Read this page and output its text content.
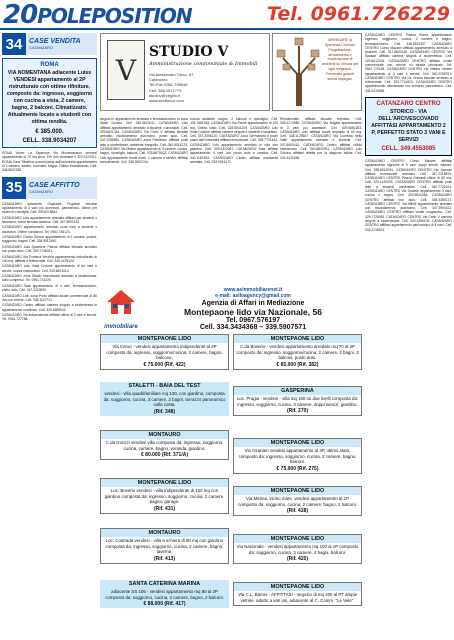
20POLEPOSITION	Tel. 0961.726229
34 CASE VENDITA
CATANZARO
ROMA
VIA NOMENTANA adiacente Luiss VENDESI appartamento al 2P ristrutturato con ottime rifiniture, composto da: ingresso, soggiorno con cucina a vista, 2 camere, bagno, 2 balconi. Climatizzato. Attualmente locato a studenti con ottima rendita.
€ 385.000.
CELL. 338.9034207
ROMA Vicino La Sapienza Via Montecassino vendesi appartamento di 75 mq circa. Per info chiamare il 320.1223311. ROMA Zona Tiburtina a pochi passi dall'Università appartamento di 2 camere, salotto, cucinotto, bagno. Ottimo investimento. Cell. 348.5637282.
35 CASE AFFITTO
CATANZARO

CATANZARO adiacente Ospedale Pugliese vendesi appartamento di 3 vani più accessori, panoramico, ottimo per studenti o famiglia. Cell. 339.6218842.

CATANZARO Lido appartamento arredato affittasi per studenti o lavoratori, vicino fermata autobus. Cell. 347.8892133.

CATANZARO appartamento arredato zona nord a studenti o lavoratori. Ottime condizioni. Tel. 0961.745123.

CATANZARO Centro Storico appartamento di 2 camere, cucina, soggiorno, bagno. Cell. 338.5512490.

CATANZARO Lido Quartiere Pistoia affittasi bilocale arredato con posto auto. Cell. 329.7745021.

CATANZARO Via Fontana Vecchia appartamento ristrutturato di 100 mq, affittasi a referenziati. Cell. 340.4478120.

CATANZARO Lido Viale Crotone appartamento di tre vani e servizi, nuova costruzione. Cell. 333.6623014.

CATANZARO zona Stadio monolocale arredato a studentessa, tutto compreso. Tel. 0961.741220.

CATANZARO Sala appartamento di 4 vani, termoautonomo, posto auto. Cell. 347.2219830.

CATANZARO Lido zona Porto affittasi locale commerciale di 80 mq con vetrine. Cell. 338.1147721.

CATANZARO Centro affittasi camera singola a studentessa in appartamento condiviso. Cell. 320.6659042.

CATANZARO Via Indipendenza affittasi ufficio di 3 vani e servizi. Tel. 0961.727788.

V
STUDIO V
Amministrazione condominiale & Immobili
Via Alessandro Turco, 67
Catanzaro
Tel./Fax 0961 795548
Cell. 388 1871779
studiov@virgilio.it
www.studiovcz.com
ARREDARE la Speranza Comune Progettazione, arredamento e realizzazione di ambienti su misura per ogni esigenza. Preventivi gratuiti senza impegno.
singolo in appartamento arredato e termoautonomo in zona Mater Domini. Cell. 338.5623041. CATANZARO Lido affittasi appartamento arredato a studenti o lavoratori. Cell. 329.6621044. CATANZARO Via Carlo V affittasi bilocale arredato, riscaldamento autonomo, posto auto. Cell. 347.2256981. CATANZARO zona Policlinico affittasi posti letto a studentesse, ambiente tranquillo. Cell. 340.5516723. CATANZARO Via Milano appartamento di 3 camere, cucina, bagno, ripostiglio, balconi. Cell. 333.8879102. CATANZARO Lido appartamento fronte mare, 2 camere e servizi, affittasi annualmente. Cell. 338.9902134.
cucina abitabile, bagno, 2 balconi e ripostiglio. Cell. 339.7881563. CATANZARO Via Fiume appartamento di 100 mq. Ottimo stato. Cell. 328.5541209. CATANZARO Lido Viale Crotone affittasi camere singole a studenti e lavoratori. Cell. 347.3356120. CATANZARO Zona Germaneto a pochi passi dall'Università affittasi monolocale. Cell. 338.7701442. CATANZARO Lido appartamento arredato in villa con giardino. Cell. 329.4412087. CATANZARO Sala affittasi appartamento 4 vani con posto auto e cantina. Cell. 340.1187453. CATANZARO Centro affittasi mansarda arredata. Cell. 333.9914472.
Residenziale, affittasi bilocale arredato. Cell. 349.2213980. CATANZARO Via Brigata appartamento di 3 vani più accessori. Cell. 329.5661203. CATANZARO Lido affittasi locale deposito di 60 mq. Cell. 338.1125587. CATANZARO Via Lucrezia della Valle appartamento arredato a studenti. Cell. 347.6653410. CATANZARO Centro affittasi ufficio ristrutturato. Cell. 340.8834761. CATANZARO Lido Giovino affittasi villetta per la stagione estiva. Cell. 333.4410295.
CATANZARO CENTRO Piazza Roma appartamento ingresso, soggiorno, cucina, 2 camere e bagno, termoautonomo. Cell. 338.5521307. CATANZARO CENTRO Corso Mazzini affittasi appartamento arredato a studenti. Cell. 347.8820145. CATANZARO CENTRO Via Spasari affittasi camera singola a studentessa. Cell. 329.6612034. CATANZARO CENTRO affittasi locale commerciale con vetrine su strada principale. Tel. 0961.770155. CATANZARO CENTRO Via Vittorio Veneto appartamento di 4 vani e servizi. Cell. 340.2298761. CATANZARO CENTRO Via De Grazia bilocale arredato a referenziati. Cell. 333.7714520. CATANZARO CENTRO appartamento ristrutturato con terrazzo panoramico. Cell. 338.4419083.
CATANZARO CENTRO
STORICO - VIA DELL'ARCIVESCOVADO AFFITTASI APPARTAMENTO 2 P, PERFETTO STATO 3 VANI E SERVIZI
CELL. 349.4553085
CATANZARO CENTRO Corso Mazzini affittasi appartamento signorile di 5 vani, doppi servizi, balconi. Cell. 338.6612094. CATANZARO CENTRO Via Jannoni affittasi monolocale arredato. Cell. 347.2215870. CATANZARO CENTRO Piazza Grimaldi ufficio di 80 mq. Cell. 329.1145203. CATANZARO CENTRO affittasi posti letto a studenti universitari. Cell. 340.7732104. CATANZARO CENTRO Via Daniele appartamento 3 vani, cucina e bagno. Cell. 333.5510486. CATANZARO CENTRO affittasi box auto. Cell. 338.3390172. CATANZARO CENTRO Via Milelli appartamento arredato con riscaldamento autonomo. Cell. 347.9904411. CATANZARO CENTRO affittasi locale magazzino. Cell. 329.7725063. CATANZARO CENTRO Via Carlo V camera singola a studentessa. Cell. 340.3356109. CATANZARO CENTRO affittasi appartamento panoramico di 4 vani. Cell. 333.2215874.
immobiliare
www.asimmobiliarenet.it
e-mail: asiloagency@gmail.com
Agenzia di Affari in Mediazione
Montepaone lido via Nazionale, 56
Tel. 0967.576197
Cell. 334.3434368 – 339.5907571
MONTEPAONE LIDO
Via Cervo - vendesi appartamento indipendente al 2P composto da: ingresso, soggiorno/cucina, 2 camere, bagno, balcone.
€ 75.000 (Rif. 422)
STALETTI - BAIA DEL TEST
vendesi - villa quadrifamiliare mq 130, con giardino, composta da: soggiorno, cucina, 3 camere, 2 bagni, terrazzo panoramico sulla costa.
(Rif. 348)
MONTAURO
C.da Gorizzi vendesi villa composta da: ingresso, soggiorno, cucina, camere, bagno, veranda, giardino.
€ 80.000 (Rif. 371/A)
MONTEPAONE LIDO
Loc. Boverio vendesi - villa indipendente di 120 mq con giardino composta da: ingresso, soggiorno, cucina, 2 camere, bagno, garage.
(Rif. 431)
MONTAURO
Loc. Contrada vendesi - villa a schiera di 90 mq con giardino composta da: ingresso, soggiorno, cucina, 2 camere, bagno, taverna.
(Rif. 413)
SANTA CATERINA MARINA
adiacente SS 106 - vendesi appartamento mq 80 al 2P composto da: soggiorno, cucina, 2 camere, bagno, 2 balconi.
€ 88.000 (Rif. 417)
MONTEPAONE LIDO
C.da Boverio - vendesi appartamento arredato mq 70 al 2P composto da: ingresso, soggiorno/cucina, 2 camere, 2 bagni, 2 balconi, posto auto.
€ 85.000 (Rif. 382)
GASPERINA
Loc. Pragia - vendesi - villa mq 160 su due livelli composta da: ingresso, soggiorno, cucina, 3 camere, doppi servizi, giardino.
(Rif. 270)
MONTEPAONE LIDO
Via Ozanam vendesi appartamento al 3P, ottimo stato, composto da: ingresso, soggiorno, cucina, 2 camere, bagno, balconi.
€ 75.000 (Rif. 275)
MONTEPAONE LIDO
Via Marina, vicino mare, vendesi appartamento al 1P composto da: soggiorno, cucina, 2 camere, bagno, 2 balconi.
(Rif. 428)
MONTEPAONE LIDO
Via Nazionale - vendesi appartamento mq 100 al 1P composto da: soggiorno, cucina, 3 camere, 2 bagni, balconi.
(Rif. 420)
MONTEPAONE LIDO
Via C.L. Baroni - AFFITTASI - negozio di mq 200 al PT ampie vetrine, adatto a vari usi, adiacente al C. Comm. "Le Vele".
